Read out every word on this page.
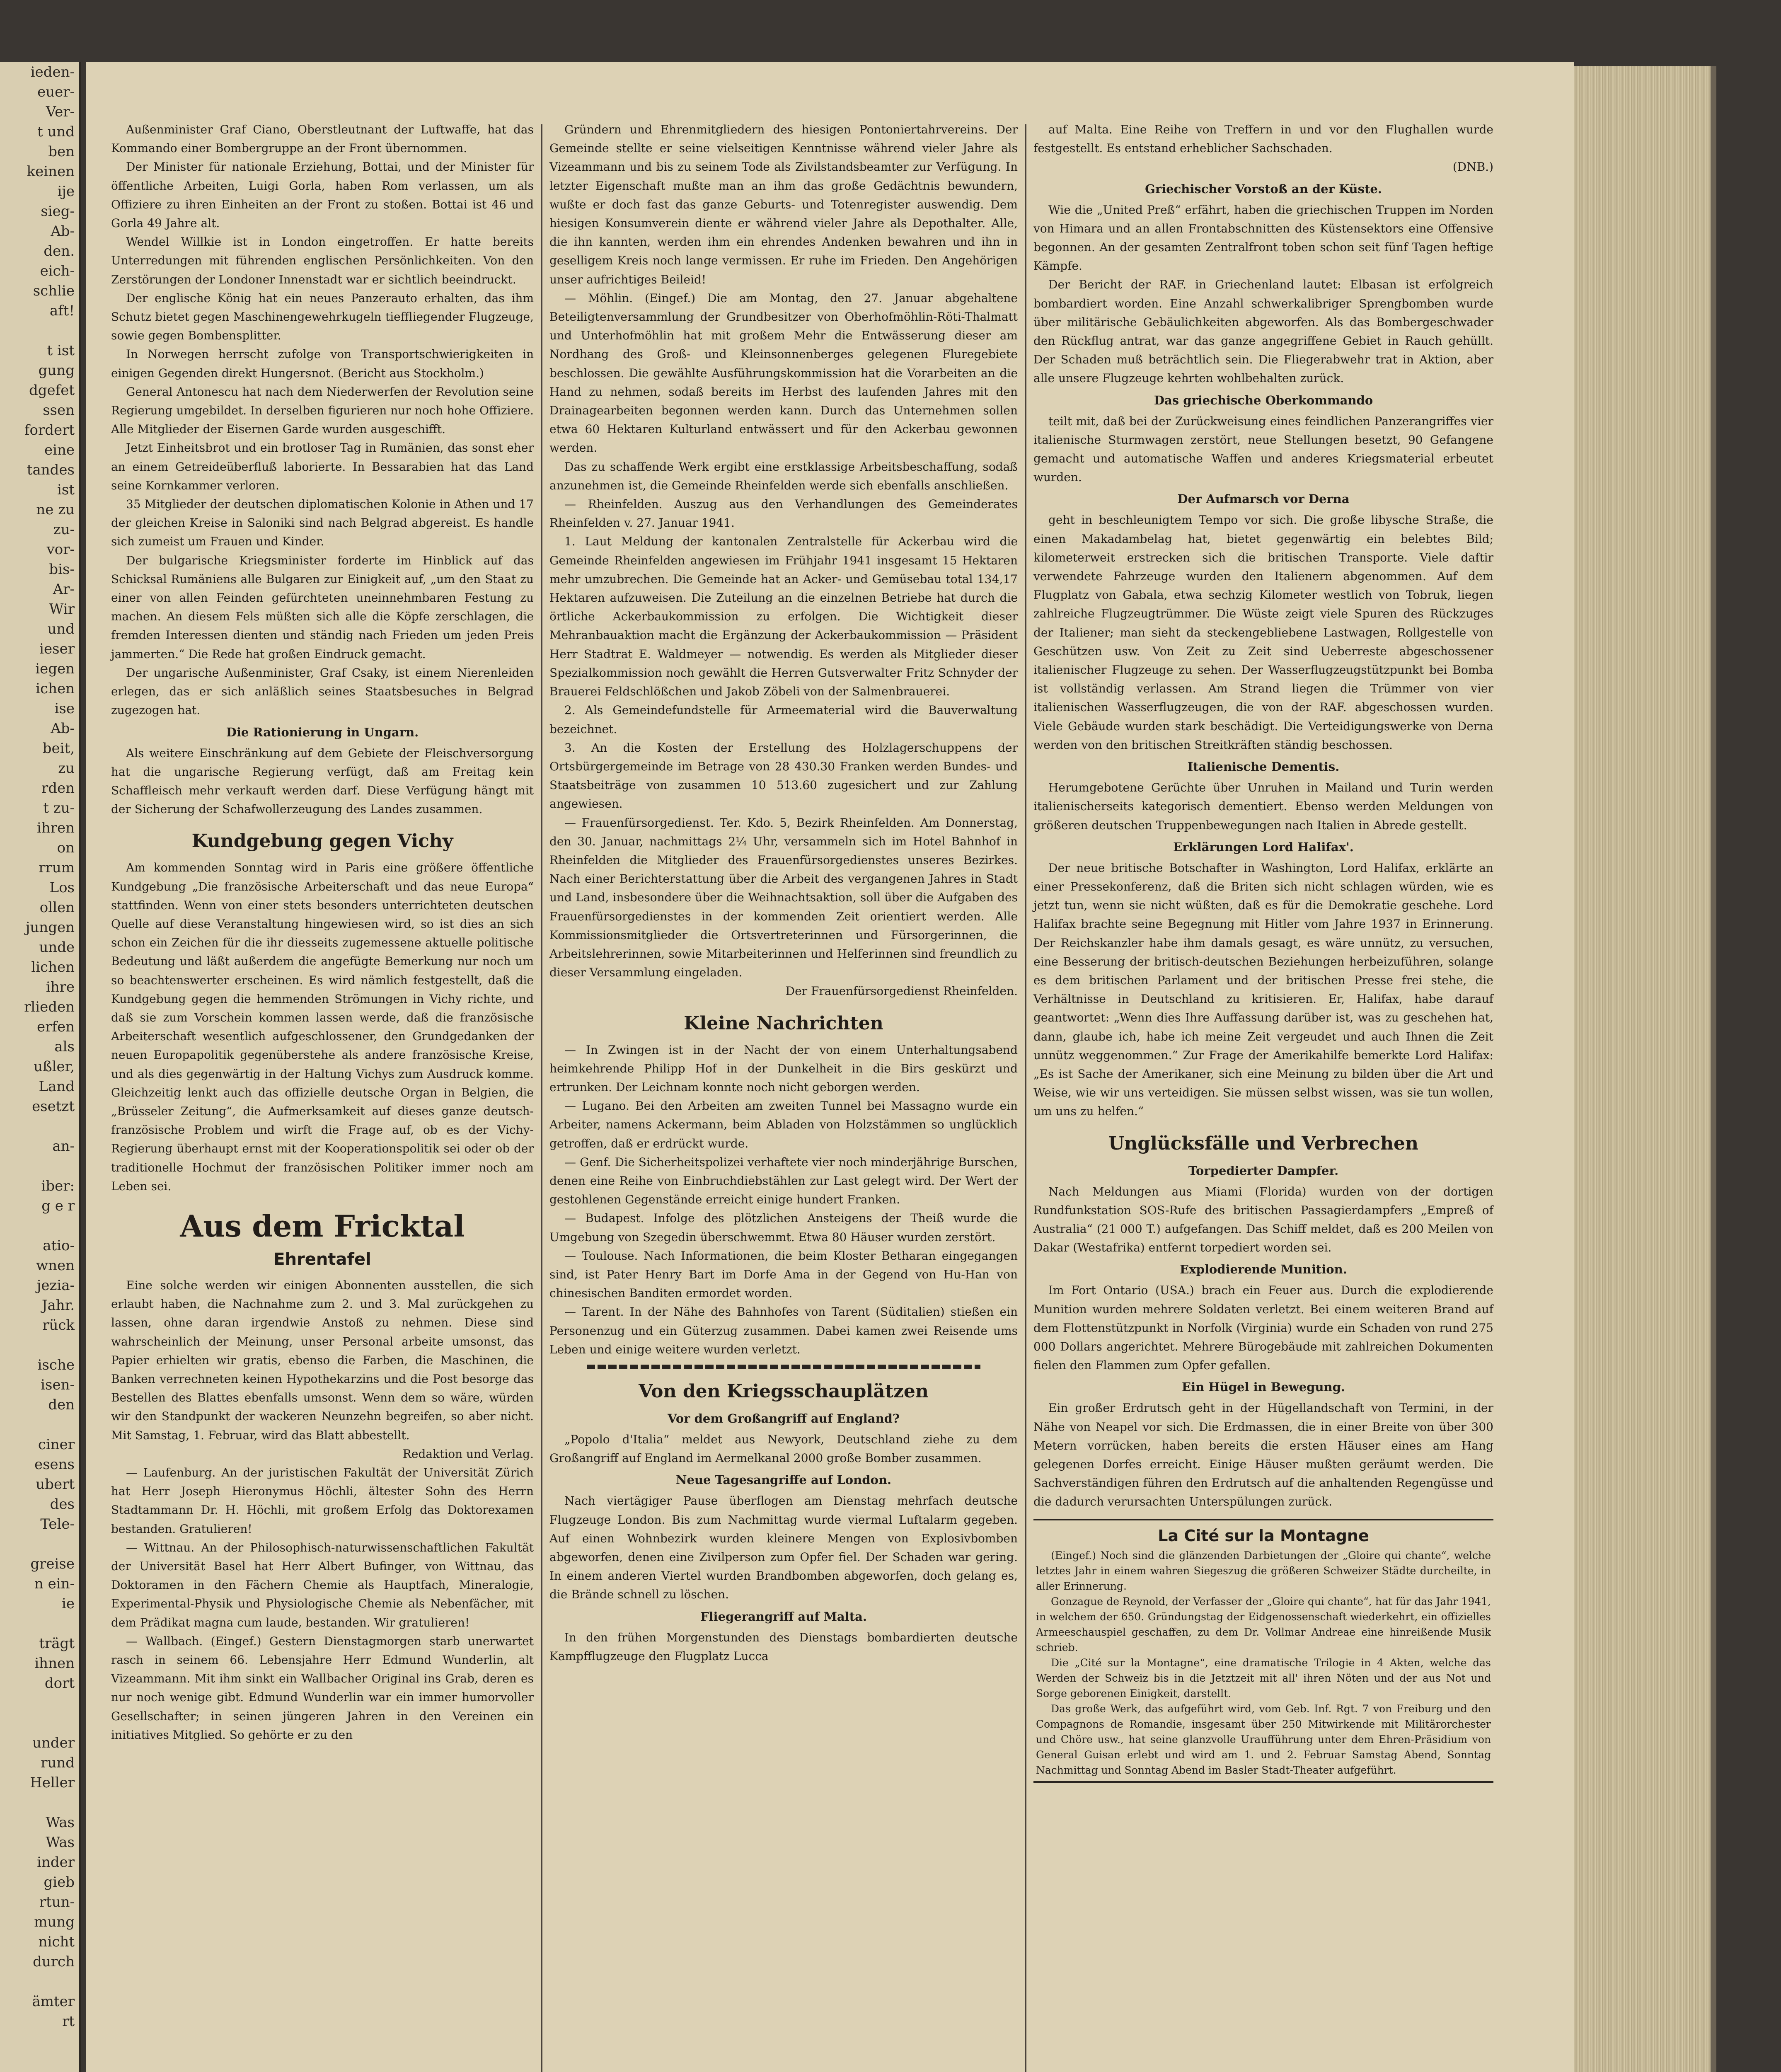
ieden-
euer-
Ver-
t und
ben
keinen
ije
sieg-
Ab-
den.
eich-
schlie
aft!

t ist
gung
dgefet
ssen
fordert
eine
tandes
ist
ne zu
zu-
vor-
bis-
Ar-
Wir
und
ieser
iegen
ichen
ise
Ab-
beit,
zu
rden
t zu-
ihren
on
rrum
Los
ollen
jungen
unde
lichen
ihre
rlieden
erfen
als
ußler,
Land
esetzt

an-

iber:
g e r

atio-
wnen
jezia-
Jahr.
rück

ische
isen-
den

ciner
esens
ubert
des
Tele-

greise
n ein-
ie

trägt
ihnen
dort

under
rund
Heller

Was
Was
inder
gieb
rtun-
mung
nicht
durch

ämter
rt

Außenminister Graf Ciano, Oberstleutnant der Luftwaffe, hat das Kommando einer Bombergruppe an der Front übernommen.

Der Minister für nationale Erziehung, Bottai, und der Minister für öffentliche Arbeiten, Luigi Gorla, haben Rom verlassen, um als Offiziere zu ihren Einheiten an der Front zu stoßen. Bottai ist 46 und Gorla 49 Jahre alt.

Wendel Willkie ist in London eingetroffen. Er hatte bereits Unterredungen mit führenden englischen Persönlichkeiten. Von den Zerstörungen der Londoner Innenstadt war er sichtlich beeindruckt.

Der englische König hat ein neues Panzerauto erhalten, das ihm Schutz bietet gegen Maschinengewehrkugeln tieffliegender Flugzeuge, sowie gegen Bombensplitter.

In Norwegen herrscht zufolge von Transportschwierigkeiten in einigen Gegenden direkt Hungersnot. (Bericht aus Stockholm.)

General Antonescu hat nach dem Niederwerfen der Revolution seine Regierung umgebildet. In derselben figurieren nur noch hohe Offiziere. Alle Mitglieder der Eisernen Garde wurden ausgeschifft.

Jetzt Einheitsbrot und ein brotloser Tag in Rumänien, das sonst eher an einem Getreideüberfluß laborierte. In Bessarabien hat das Land seine Kornkammer verloren.

35 Mitglieder der deutschen diplomatischen Kolonie in Athen und 17 der gleichen Kreise in Saloniki sind nach Belgrad abgereist. Es handle sich zumeist um Frauen und Kinder.

Der bulgarische Kriegsminister forderte im Hinblick auf das Schicksal Rumäniens alle Bulgaren zur Einigkeit auf, „um den Staat zu einer von allen Feinden gefürchteten uneinnehmbaren Festung zu machen. An diesem Fels müßten sich alle die Köpfe zerschlagen, die fremden Interessen dienten und ständig nach Frieden um jeden Preis jammerten.“ Die Rede hat großen Eindruck gemacht.

Der ungarische Außenminister, Graf Csaky, ist einem Nierenleiden erlegen, das er sich anläßlich seines Staatsbesuches in Belgrad zugezogen hat.

Die Rationierung in Ungarn.

Als weitere Einschränkung auf dem Gebiete der Fleischversorgung hat die ungarische Regierung verfügt, daß am Freitag kein Schaffleisch mehr verkauft werden darf. Diese Verfügung hängt mit der Sicherung der Schafwollerzeugung des Landes zusammen.

Kundgebung gegen Vichy

Am kommenden Sonntag wird in Paris eine größere öffentliche Kundgebung „Die französische Arbeiterschaft und das neue Europa“ stattfinden. Wenn von einer stets besonders unterrichteten deutschen Quelle auf diese Veranstaltung hingewiesen wird, so ist dies an sich schon ein Zeichen für die ihr diesseits zugemessene aktuelle politische Bedeutung und läßt außerdem die angefügte Bemerkung nur noch um so beachtenswerter erscheinen. Es wird nämlich festgestellt, daß die Kundgebung gegen die hemmenden Strömungen in Vichy richte, und daß sie zum Vorschein kommen lassen werde, daß die französische Arbeiterschaft wesentlich aufgeschlossener, den Grundgedanken der neuen Europapolitik gegenüberstehe als andere französische Kreise, und als dies gegenwärtig in der Haltung Vichys zum Ausdruck komme. Gleichzeitig lenkt auch das offizielle deutsche Organ in Belgien, die „Brüsseler Zeitung“, die Aufmerksamkeit auf dieses ganze deutsch-französische Problem und wirft die Frage auf, ob es der Vichy-Regierung überhaupt ernst mit der Kooperationspolitik sei oder ob der traditionelle Hochmut der französischen Politiker immer noch am Leben sei.

Aus dem Fricktal
Ehrentafel

Eine solche werden wir einigen Abonnenten ausstellen, die sich erlaubt haben, die Nachnahme zum 2. und 3. Mal zurückgehen zu lassen, ohne daran irgendwie Anstoß zu nehmen. Diese sind wahrscheinlich der Meinung, unser Personal arbeite umsonst, das Papier erhielten wir gratis, ebenso die Farben, die Maschinen, die Banken verrechneten keinen Hypothekarzins und die Post besorge das Bestellen des Blattes ebenfalls umsonst. Wenn dem so wäre, würden wir den Standpunkt der wackeren Neunzehn begreifen, so aber nicht. Mit Samstag, 1. Februar, wird das Blatt abbestellt.

Redaktion und Verlag.

— Laufenburg. An der juristischen Fakultät der Universität Zürich hat Herr Joseph Hieronymus Höchli, ältester Sohn des Herrn Stadtammann Dr. H. Höchli, mit großem Erfolg das Doktorexamen bestanden. Gratulieren!

— Wittnau. An der Philosophisch-naturwissenschaftlichen Fakultät der Universität Basel hat Herr Albert Bufinger, von Wittnau, das Doktoramen in den Fächern Chemie als Hauptfach, Mineralogie, Experimental-Physik und Physiologische Chemie als Nebenfächer, mit dem Prädikat magna cum laude, bestanden. Wir gratulieren!

— Wallbach. (Eingef.) Gestern Dienstagmorgen starb unerwartet rasch in seinem 66. Lebensjahre Herr Edmund Wunderlin, alt Vizeammann. Mit ihm sinkt ein Wallbacher Original ins Grab, deren es nur noch wenige gibt. Edmund Wunderlin war ein immer humorvoller Gesellschafter; in seinen jüngeren Jahren in den Vereinen ein initiatives Mitglied. So gehörte er zu den

Gründern und Ehrenmitgliedern des hiesigen Pontoniertahrvereins. Der Gemeinde stellte er seine vielseitigen Kenntnisse während vieler Jahre als Vizeammann und bis zu seinem Tode als Zivilstandsbeamter zur Verfügung. In letzter Eigenschaft mußte man an ihm das große Gedächtnis bewundern, wußte er doch fast das ganze Geburts- und Totenregister auswendig. Dem hiesigen Konsumverein diente er während vieler Jahre als Depothalter. Alle, die ihn kannten, werden ihm ein ehrendes Andenken bewahren und ihn in geselligem Kreis noch lange vermissen. Er ruhe im Frieden. Den Angehörigen unser aufrichtiges Beileid!

— Möhlin. (Eingef.) Die am Montag, den 27. Januar abgehaltene Beteiligtenversammlung der Grundbesitzer von Oberhofmöhlin-Röti-Thalmatt und Unterhofmöhlin hat mit großem Mehr die Entwässerung dieser am Nordhang des Groß- und Kleinsonnenberges gelegenen Fluregebiete beschlossen. Die gewählte Ausführungskommission hat die Vorarbeiten an die Hand zu nehmen, sodaß bereits im Herbst des laufenden Jahres mit den Drainagearbeiten begonnen werden kann. Durch das Unternehmen sollen etwa 60 Hektaren Kulturland entwässert und für den Ackerbau gewonnen werden.

Das zu schaffende Werk ergibt eine erstklassige Arbeitsbeschaffung, sodaß anzunehmen ist, die Gemeinde Rheinfelden werde sich ebenfalls anschließen.

— Rheinfelden. Auszug aus den Verhandlungen des Gemeinderates Rheinfelden v. 27. Januar 1941.

1. Laut Meldung der kantonalen Zentralstelle für Ackerbau wird die Gemeinde Rheinfelden angewiesen im Frühjahr 1941 insgesamt 15 Hektaren mehr umzubrechen. Die Gemeinde hat an Acker- und Gemüsebau total 134,17 Hektaren aufzuweisen. Die Zuteilung an die einzelnen Betriebe hat durch die örtliche Ackerbaukommission zu erfolgen. Die Wichtigkeit dieser Mehranbauaktion macht die Ergänzung der Ackerbaukommission — Präsident Herr Stadtrat E. Waldmeyer — notwendig. Es werden als Mitglieder dieser Spezialkommission noch gewählt die Herren Gutsverwalter Fritz Schnyder der Brauerei Feldschlößchen und Jakob Zöbeli von der Salmenbrauerei.

2. Als Gemeindefundstelle für Armeematerial wird die Bauverwaltung bezeichnet.

3. An die Kosten der Erstellung des Holzlagerschuppens der Ortsbürgergemeinde im Betrage von 28 430.30 Franken werden Bundes- und Staatsbeiträge von zusammen 10 513.60 zugesichert und zur Zahlung angewiesen.

— Frauenfürsorgedienst. Ter. Kdo. 5, Bezirk Rheinfelden. Am Donnerstag, den 30. Januar, nachmittags 2¼ Uhr, versammeln sich im Hotel Bahnhof in Rheinfelden die Mitglieder des Frauenfürsorgedienstes unseres Bezirkes. Nach einer Berichterstattung über die Arbeit des vergangenen Jahres in Stadt und Land, insbesondere über die Weihnachtsaktion, soll über die Aufgaben des Frauenfürsorgedienstes in der kommenden Zeit orientiert werden. Alle Kommissionsmitglieder die Ortsvertreterinnen und Fürsorgerinnen, die Arbeitslehrerinnen, sowie Mitarbeiterinnen und Helferinnen sind freundlich zu dieser Versammlung eingeladen.

Der Frauenfürsorgedienst Rheinfelden.

Kleine Nachrichten

— In Zwingen ist in der Nacht der von einem Unterhaltungsabend heimkehrende Philipp Hof in der Dunkelheit in die Birs geskürzt und ertrunken. Der Leichnam konnte noch nicht geborgen werden.

— Lugano. Bei den Arbeiten am zweiten Tunnel bei Massagno wurde ein Arbeiter, namens Ackermann, beim Abladen von Holzstämmen so unglücklich getroffen, daß er erdrückt wurde.

— Genf. Die Sicherheitspolizei verhaftete vier noch minderjährige Burschen, denen eine Reihe von Einbruchdiebstählen zur Last gelegt wird. Der Wert der gestohlenen Gegenstände erreicht einige hundert Franken.

— Budapest. Infolge des plötzlichen Ansteigens der Theiß wurde die Umgebung von Szegedin überschwemmt. Etwa 80 Häuser wurden zerstört.

— Toulouse. Nach Informationen, die beim Kloster Betharan eingegangen sind, ist Pater Henry Bart im Dorfe Ama in der Gegend von Hu-Han von chinesischen Banditen ermordet worden.

— Tarent. In der Nähe des Bahnhofes von Tarent (Süditalien) stießen ein Personenzug und ein Güterzug zusammen. Dabei kamen zwei Reisende ums Leben und einige weitere wurden verletzt.

Von den Kriegsschauplätzen
Vor dem Großangriff auf England?

„Popolo d'Italia“ meldet aus Newyork, Deutschland ziehe zu dem Großangriff auf England im Aermelkanal 2000 große Bomber zusammen.

Neue Tagesangriffe auf London.

Nach viertägiger Pause überflogen am Dienstag mehrfach deutsche Flugzeuge London. Bis zum Nachmittag wurde viermal Luftalarm gegeben. Auf einen Wohnbezirk wurden kleinere Mengen von Explosivbomben abgeworfen, denen eine Zivilperson zum Opfer fiel. Der Schaden war gering. In einem anderen Viertel wurden Brandbomben abgeworfen, doch gelang es, die Brände schnell zu löschen.

Fliegerangriff auf Malta.

In den frühen Morgenstunden des Dienstags bombardierten deutsche Kampfflugzeuge den Flugplatz Lucca

auf Malta. Eine Reihe von Treffern in und vor den Flughallen wurde festgestellt. Es entstand erheblicher Sachschaden.

(DNB.)

Griechischer Vorstoß an der Küste.

Wie die „United Preß“ erfährt, haben die griechischen Truppen im Norden von Himara und an allen Frontabschnitten des Küstensektors eine Offensive begonnen. An der gesamten Zentralfront toben schon seit fünf Tagen heftige Kämpfe.

Der Bericht der RAF. in Griechenland lautet: Elbasan ist erfolgreich bombardiert worden. Eine Anzahl schwerkalibriger Sprengbomben wurde über militärische Gebäulichkeiten abgeworfen. Als das Bombergeschwader den Rückflug antrat, war das ganze angegriffene Gebiet in Rauch gehüllt. Der Schaden muß beträchtlich sein. Die Fliegerabwehr trat in Aktion, aber alle unsere Flugzeuge kehrten wohlbehalten zurück.

Das griechische Oberkommando

teilt mit, daß bei der Zurückweisung eines feindlichen Panzerangriffes vier italienische Sturmwagen zerstört, neue Stellungen besetzt, 90 Gefangene gemacht und automatische Waffen und anderes Kriegsmaterial erbeutet wurden.

Der Aufmarsch vor Derna

geht in beschleunigtem Tempo vor sich. Die große libysche Straße, die einen Makadambelag hat, bietet gegenwärtig ein belebtes Bild; kilometerweit erstrecken sich die britischen Transporte. Viele daftir verwendete Fahrzeuge wurden den Italienern abgenommen. Auf dem Flugplatz von Gabala, etwa sechzig Kilometer westlich von Tobruk, liegen zahlreiche Flugzeugtrümmer. Die Wüste zeigt viele Spuren des Rückzuges der Italiener; man sieht da steckengebliebene Lastwagen, Rollgestelle von Geschützen usw. Von Zeit zu Zeit sind Ueberreste abgeschossener italienischer Flugzeuge zu sehen. Der Wasserflugzeugstützpunkt bei Bomba ist vollständig verlassen. Am Strand liegen die Trümmer von vier italienischen Wasserflugzeugen, die von der RAF. abgeschossen wurden. Viele Gebäude wurden stark beschädigt. Die Verteidigungswerke von Derna werden von den britischen Streitkräften ständig beschossen.

Italienische Dementis.

Herumgebotene Gerüchte über Unruhen in Mailand und Turin werden italienischerseits kategorisch dementiert. Ebenso werden Meldungen von größeren deutschen Truppenbewegungen nach Italien in Abrede gestellt.

Erklärungen Lord Halifax'.

Der neue britische Botschafter in Washington, Lord Halifax, erklärte an einer Pressekonferenz, daß die Briten sich nicht schlagen würden, wie es jetzt tun, wenn sie nicht wüßten, daß es für die Demokratie geschehe. Lord Halifax brachte seine Begegnung mit Hitler vom Jahre 1937 in Erinnerung. Der Reichskanzler habe ihm damals gesagt, es wäre unnütz, zu versuchen, eine Besserung der britisch-deutschen Beziehungen herbeizuführen, solange es dem britischen Parlament und der britischen Presse frei stehe, die Verhältnisse in Deutschland zu kritisieren. Er, Halifax, habe darauf geantwortet: „Wenn dies Ihre Auffassung darüber ist, was zu geschehen hat, dann, glaube ich, habe ich meine Zeit vergeudet und auch Ihnen die Zeit unnütz weggenommen.“ Zur Frage der Amerikahilfe bemerkte Lord Halifax: „Es ist Sache der Amerikaner, sich eine Meinung zu bilden über die Art und Weise, wie wir uns verteidigen. Sie müssen selbst wissen, was sie tun wollen, um uns zu helfen.“

Unglücksfälle und Verbrechen
Torpedierter Dampfer.

Nach Meldungen aus Miami (Florida) wurden von der dortigen Rundfunkstation SOS-Rufe des britischen Passagierdampfers „Empreß of Australia“ (21 000 T.) aufgefangen. Das Schiff meldet, daß es 200 Meilen von Dakar (Westafrika) entfernt torpediert worden sei.

Explodierende Munition.

Im Fort Ontario (USA.) brach ein Feuer aus. Durch die explodierende Munition wurden mehrere Soldaten verletzt. Bei einem weiteren Brand auf dem Flottenstützpunkt in Norfolk (Virginia) wurde ein Schaden von rund 275 000 Dollars angerichtet. Mehrere Bürogebäude mit zahlreichen Dokumenten fielen den Flammen zum Opfer gefallen.

Ein Hügel in Bewegung.

Ein großer Erdrutsch geht in der Hügellandschaft von Termini, in der Nähe von Neapel vor sich. Die Erdmassen, die in einer Breite von über 300 Metern vorrücken, haben bereits die ersten Häuser eines am Hang gelegenen Dorfes erreicht. Einige Häuser mußten geräumt werden. Die Sachverständigen führen den Erdrutsch auf die anhaltenden Regengüsse und die dadurch verursachten Unterspülungen zurück.

La Cité sur la Montagne

(Eingef.) Noch sind die glänzenden Darbietungen der „Gloire qui chante“, welche letztes Jahr in einem wahren Siegeszug die größeren Schweizer Städte durcheilte, in aller Erinnerung.

Gonzague de Reynold, der Verfasser der „Gloire qui chante“, hat für das Jahr 1941, in welchem der 650. Gründungstag der Eidgenossenschaft wiederkehrt, ein offizielles Armeeschauspiel geschaffen, zu dem Dr. Vollmar Andreae eine hinreißende Musik schrieb.

Die „Cité sur la Montagne“, eine dramatische Trilogie in 4 Akten, welche das Werden der Schweiz bis in die Jetztzeit mit all' ihren Nöten und der aus Not und Sorge geborenen Einigkeit, darstellt.

Das große Werk, das aufgeführt wird, vom Geb. Inf. Rgt. 7 von Freiburg und den Compagnons de Romandie, insgesamt über 250 Mitwirkende mit Militärorchester und Chöre usw., hat seine glanzvolle Uraufführung unter dem Ehren-Präsidium von General Guisan erlebt und wird am 1. und 2. Februar Samstag Abend, Sonntag Nachmittag und Sonntag Abend im Basler Stadt-Theater aufgeführt.
